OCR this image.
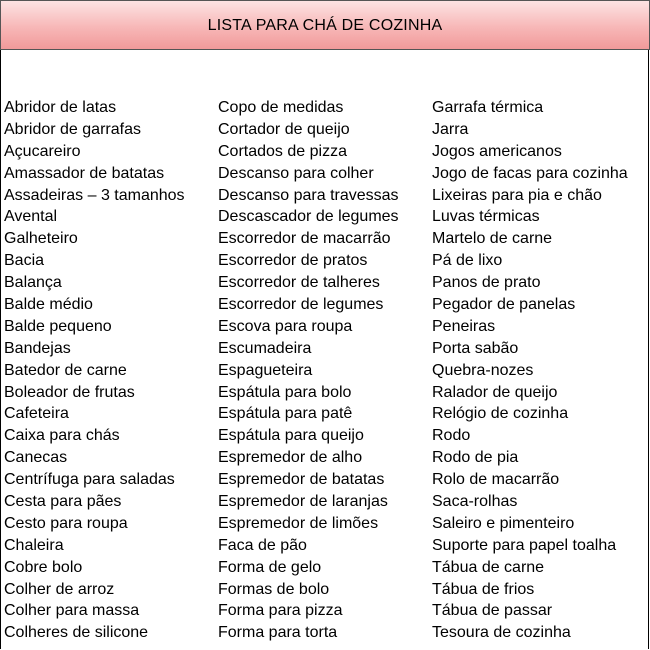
LISTA PARA CHÁ DE COZINHA
Abridor de latas
Abridor de garrafas
Açucareiro
Amassador de batatas
Assadeiras – 3 tamanhos
Avental
Galheteiro
Bacia
Balança
Balde médio
Balde pequeno
Bandejas
Batedor de carne
Boleador de frutas
Cafeteira
Caixa para chás
Canecas
Centrífuga para saladas
Cesta para pães
Cesto para roupa
Chaleira
Cobre bolo
Colher de arroz
Colher para massa
Colheres de silicone
Copo de medidas
Cortador de queijo
Cortados de pizza
Descanso para colher
Descanso para travessas
Descascador de legumes
Escorredor de macarrão
Escorredor de pratos
Escorredor de talheres
Escorredor de legumes
Escova para roupa
Escumadeira
Espagueteira
Espátula para bolo
Espátula para patê
Espátula para queijo
Espremedor de alho
Espremedor de batatas
Espremedor de laranjas
Espremedor de limões
Faca de pão
Forma de gelo
Formas de bolo
Forma para pizza
Forma para torta
Garrafa térmica
Jarra
Jogos americanos
Jogo de facas para cozinha
Lixeiras para pia e chão
Luvas térmicas
Martelo de carne
Pá de lixo
Panos de prato
Pegador de panelas
Peneiras
Porta sabão
Quebra-nozes
Ralador de queijo
Relógio de cozinha
Rodo
Rodo de pia
Rolo de macarrão
Saca-rolhas
Saleiro e pimenteiro
Suporte para papel toalha
Tábua de carne
Tábua de frios
Tábua de passar
Tesoura de cozinha
